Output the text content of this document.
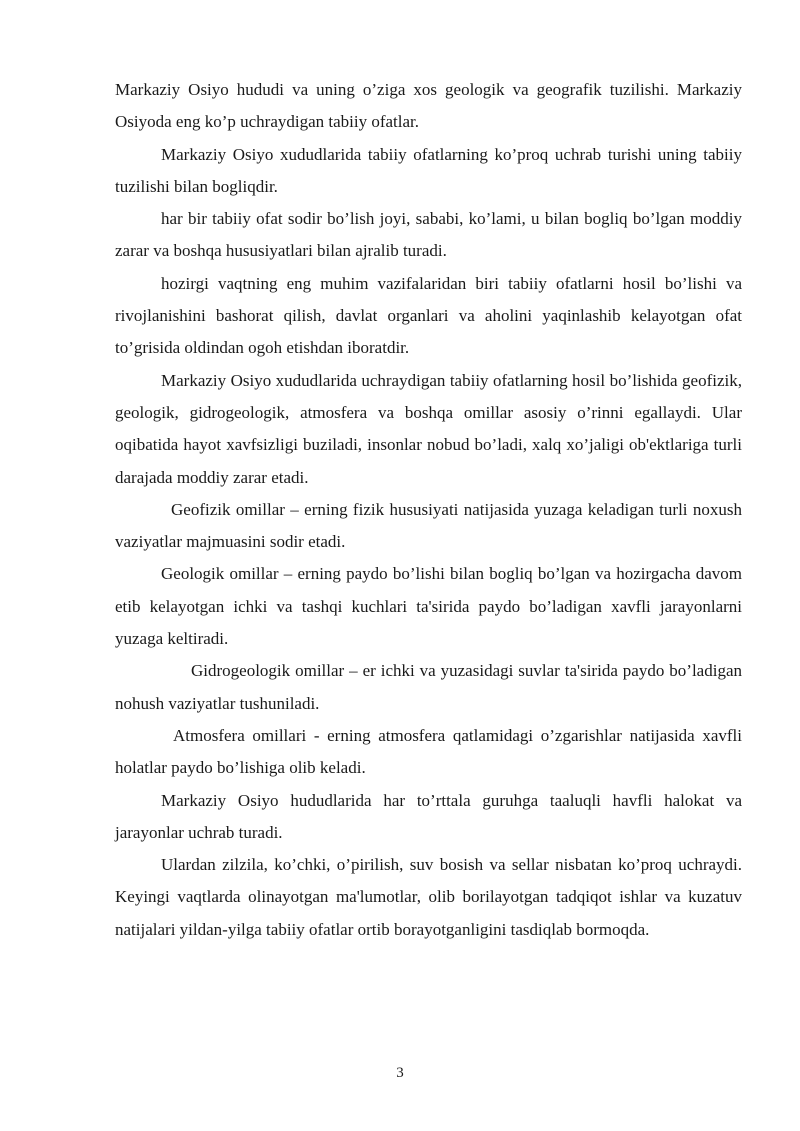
Markaziy Osiyo hududi va uning o’ziga xos geologik va geografik tuzilishi. Markaziy Osiyoda eng ko’p uchraydigan tabiiy ofatlar.

Markaziy Osiyo xududlarida tabiiy ofatlarning ko’proq uchrab turishi uning tabiiy tuzilishi bilan bogliqdir.

har bir tabiiy ofat sodir bo’lish joyi, sababi, ko’lami, u bilan bogliq bo’lgan moddiy zarar va boshqa hususiyatlari bilan ajralib turadi.

hozirgi vaqtning eng muhim vazifalaridan biri tabiiy ofatlarni hosil bo’lishi va rivojlanishini bashorat qilish, davlat organlari va aholini yaqinlashib kelayotgan ofat to’grisida oldindan ogoh etishdan iboratdir.

Markaziy Osiyo xududlarida uchraydigan tabiiy ofatlarning hosil bo’lishida geofizik, geologik, gidrogeologik, atmosfera va boshqa omillar asosiy o’rinni egallaydi. Ular oqibatida hayot xavfsizligi buziladi, insonlar nobud bo’ladi, xalq xo’jaligi ob'ektlariga turli darajada moddiy zarar etadi.

Geofizik omillar – erning fizik hususiyati natijasida yuzaga keladigan turli noxush vaziyatlar majmuasini sodir etadi.

Geologik omillar – erning paydo bo’lishi bilan bogliq bo’lgan va hozirgacha davom etib kelayotgan ichki va tashqi kuchlari ta'sirida paydo bo’ladigan xavfli jarayonlarni yuzaga keltiradi.

Gidrogeologik omillar – er ichki va yuzasidagi suvlar ta'sirida paydo bo’ladigan nohush vaziyatlar tushuniladi.

Atmosfera omillari - erning atmosfera qatlamidagi o’zgarishlar natijasida xavfli holatlar paydo bo’lishiga olib keladi.

Markaziy Osiyo hududlarida har to’rttala guruhga taaluqli havfli halokat va jarayonlar uchrab turadi.

Ulardan zilzila, ko’chki, o’pirilish, suv bosish va sellar nisbatan ko’proq uchraydi. Keyingi vaqtlarda olinayotgan ma'lumotlar, olib borilayotgan tadqiqot ishlar va kuzatuv natijalari yildan-yilga tabiiy ofatlar ortib borayotganligini tasdiqlab bormoqda.

3
